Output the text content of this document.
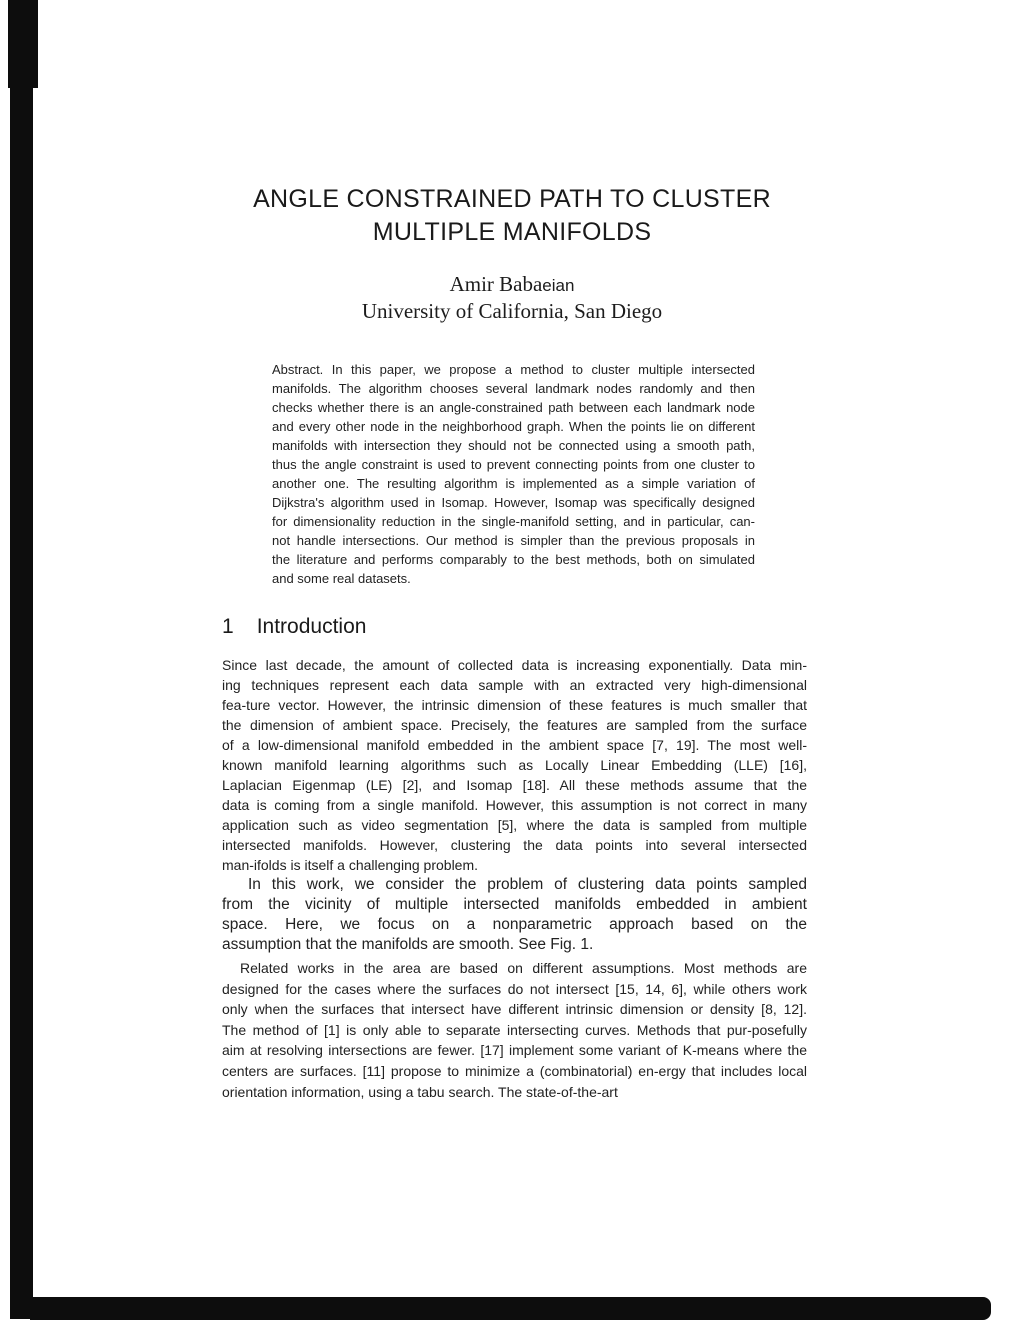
ANGLE CONSTRAINED PATH TO CLUSTER
MULTIPLE MANIFOLDS
Amir Babaeian
University of California, San Diego
Abstract. In this paper, we propose a method to cluster multiple intersected
manifolds. The algorithm chooses several landmark nodes randomly and then
checks whether there is an angle-constrained path between each landmark node
and every other node in the neighborhood graph. When the points lie on different
manifolds with intersection they should not be connected using a smooth path,
thus the angle constraint is used to prevent connecting points from one cluster to
another one. The resulting algorithm is implemented as a simple variation of
Dijkstra's algorithm used in Isomap. However, Isomap was specifically designed
for dimensionality reduction in the single-manifold setting, and in particular, can-
not handle intersections. Our method is simpler than the previous proposals in
the literature and performs comparably to the best methods, both on simulated
and some real datasets.
1 Introduction
Since last decade, the amount of collected data is increasing exponentially. Data min-
ing techniques represent each data sample with an extracted very high-dimensional
fea-ture vector. However, the intrinsic dimension of these features is much smaller that
the dimension of ambient space. Precisely, the features are sampled from the surface
of a low-dimensional manifold embedded in the ambient space [7, 19]. The most well-
known manifold learning algorithms such as Locally Linear Embedding (LLE) [16],
Laplacian Eigenmap (LE) [2], and Isomap [18]. All these methods assume that the
data is coming from a single manifold. However, this assumption is not correct in many
application such as video segmentation [5], where the data is sampled from multiple
intersected manifolds. However, clustering the data points into several intersected
man-ifolds is itself a challenging problem.
In this work, we consider the problem of clustering data points sampled
from the vicinity of multiple intersected manifolds embedded in ambient
space. Here, we focus on a nonparametric approach based on the
assumption that the manifolds are smooth. See Fig. 1.
Related works in the area are based on different assumptions. Most methods are
designed for the cases where the surfaces do not intersect [15, 14, 6], while others work
only when the surfaces that intersect have different intrinsic dimension or density [8, 12].
The method of [1] is only able to separate intersecting curves. Methods that pur-posefully
aim at resolving intersections are fewer. [17] implement some variant of K-means where the
centers are surfaces. [11] propose to minimize a (combinatorial) en-ergy that includes local
orientation information, using a tabu search. The state-of-the-art
